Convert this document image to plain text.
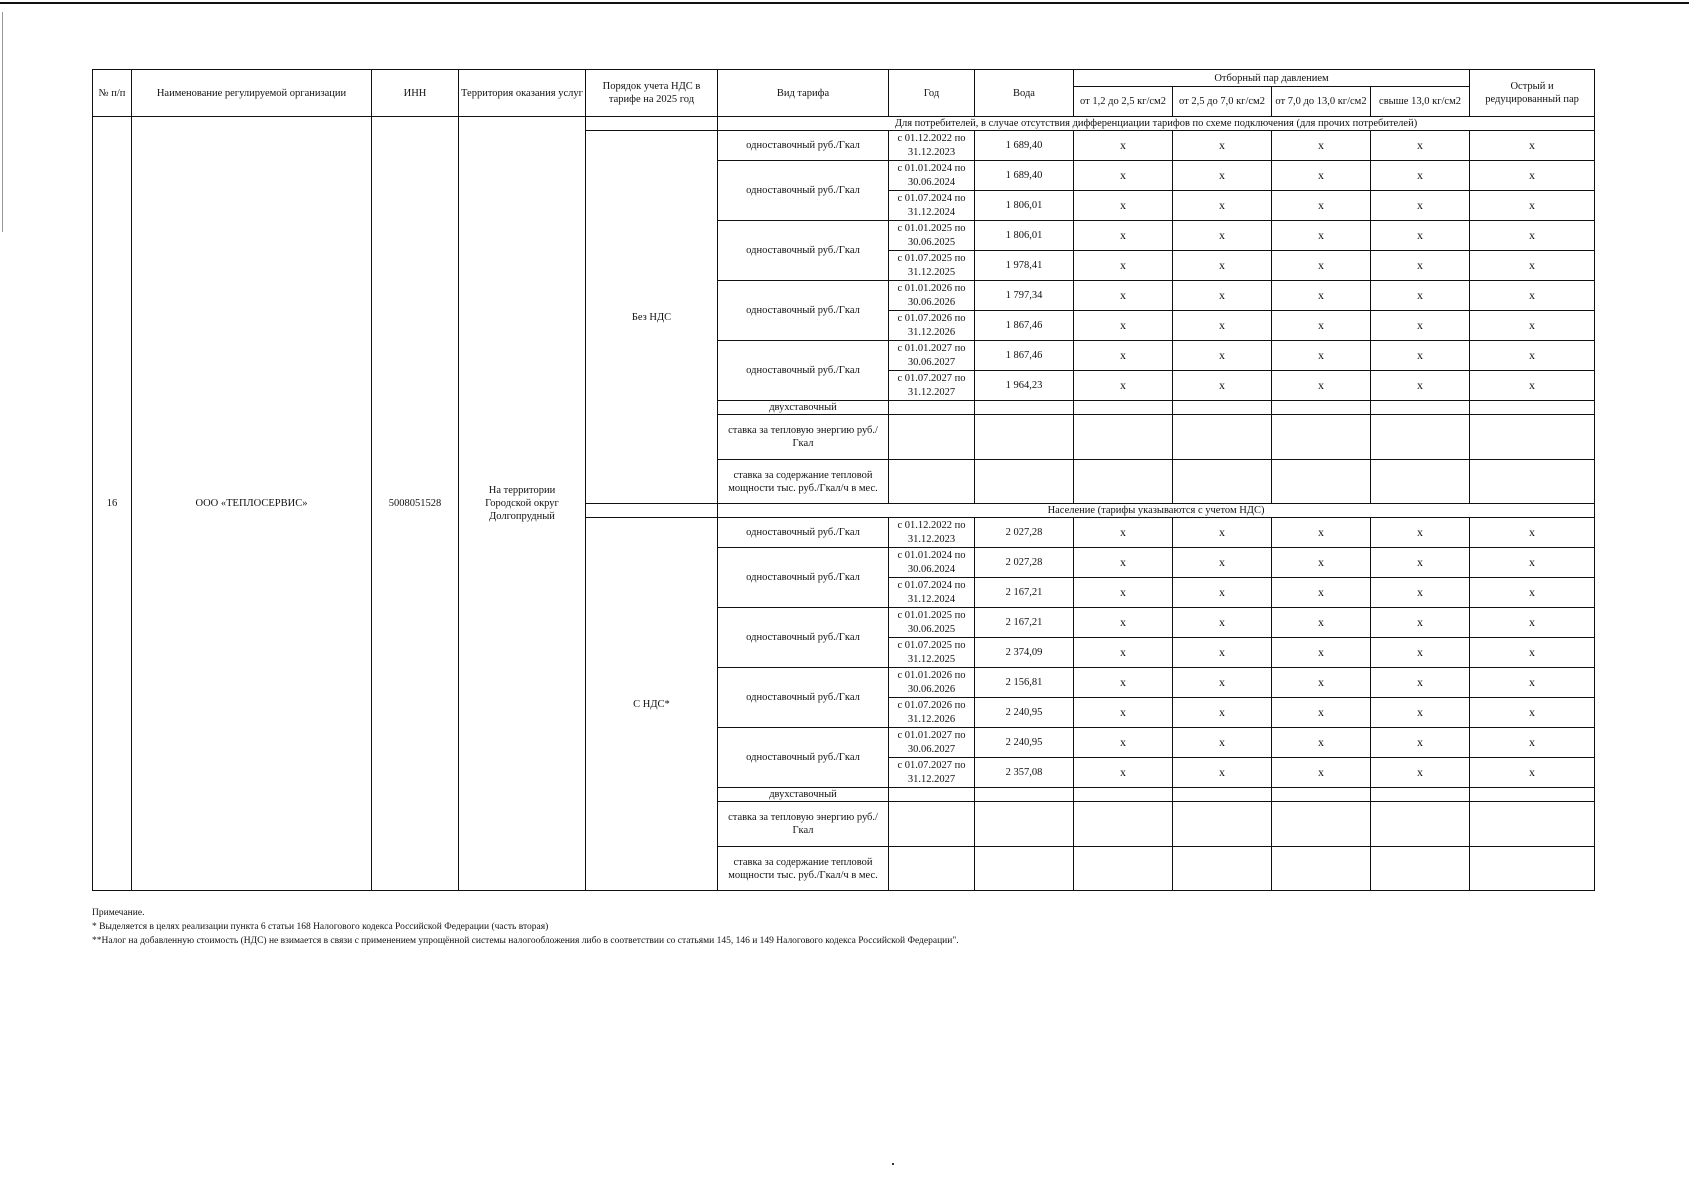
№ п/п	Наименование регулируемой организации	ИНН	Территория оказания услуг	Порядок учета НДС в тарифе на 2025 год	Вид тарифа	Год	Вода	Отборный пар давлением				Острый и редуцированный пар
								от 1,2 до 2,5 кг/см2	от 2,5 до 7,0 кг/см2	от 7,0 до 13,0 кг/см2	свыше 13,0 кг/см2	
16	ООО «ТЕПЛОСЕРВИС»	5008051528	На территории Городской округ Долгопрудный		Для потребителей, в случае отсутствия дифференциации тарифов по схеме подключения (для прочих потребителей)							
				Без НДС	одноставочный руб./Гкал	с 01.12.2022 по 31.12.2023	1 689,40	x	x	x	x	x
					одноставочный руб./Гкал	с 01.01.2024 по 30.06.2024	1 689,40	x	x	x	x	x
						с 01.07.2024 по 31.12.2024	1 806,01	x	x	x	x	x
					одноставочный руб./Гкал	с 01.01.2025 по 30.06.2025	1 806,01	x	x	x	x	x
						с 01.07.2025 по 31.12.2025	1 978,41	x	x	x	x	x
					одноставочный руб./Гкал	с 01.01.2026 по 30.06.2026	1 797,34	x	x	x	x	x
						с 01.07.2026 по 31.12.2026	1 867,46	x	x	x	x	x
					одноставочный руб./Гкал	с 01.01.2027 по 30.06.2027	1 867,46	x	x	x	x	x
						с 01.07.2027 по 31.12.2027	1 964,23	x	x	x	x	x
					двухставочный							
					ставка за тепловую энергию руб./Гкал							
					ставка за содержание тепловой мощности тыс. руб./Гкал/ч в мес.							
					Население (тарифы указываются с учетом НДС)							
				С НДС*	одноставочный руб./Гкал	с 01.12.2022 по 31.12.2023	2 027,28	x	x	x	x	x
					одноставочный руб./Гкал	с 01.01.2024 по 30.06.2024	2 027,28	x	x	x	x	x
						с 01.07.2024 по 31.12.2024	2 167,21	x	x	x	x	x
					одноставочный руб./Гкал	с 01.01.2025 по 30.06.2025	2 167,21	x	x	x	x	x
						с 01.07.2025 по 31.12.2025	2 374,09	x	x	x	x	x
					одноставочный руб./Гкал	с 01.01.2026 по 30.06.2026	2 156,81	x	x	x	x	x
						с 01.07.2026 по 31.12.2026	2 240,95	x	x	x	x	x
					одноставочный руб./Гкал	с 01.01.2027 по 30.06.2027	2 240,95	x	x	x	x	x
						с 01.07.2027 по 31.12.2027	2 357,08	x	x	x	x	x
					двухставочный							
					ставка за тепловую энергию руб./Гкал							
					ставка за содержание тепловой мощности тыс. руб./Гкал/ч в мес.							
Примечание.
* Выделяется в целях реализации пункта 6 статьи 168 Налогового кодекса Российской Федерации (часть вторая)
**Налог на добавленную стоимость (НДС) не взимается в связи с применением упрощённой системы налогообложения либо в соответствии со статьями 145, 146 и 149 Налогового кодекса Российской Федерации".
